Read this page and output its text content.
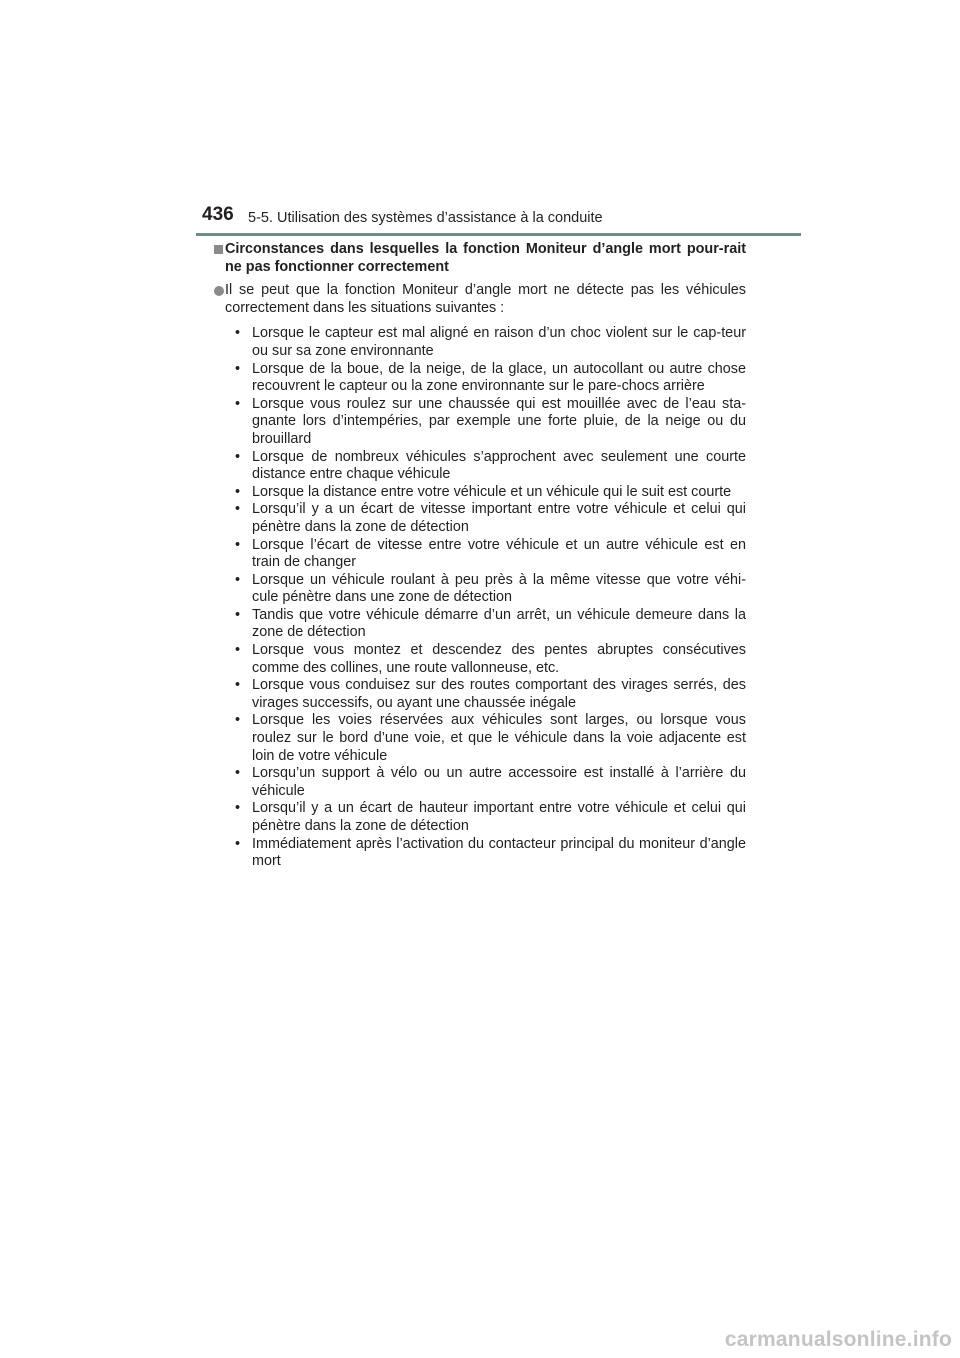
436 5-5. Utilisation des systèmes d’assistance à la conduite
Circonstances dans lesquelles la fonction Moniteur d’angle mort pour-rait ne pas fonctionner correctement
Il se peut que la fonction Moniteur d’angle mort ne détecte pas les véhicules correctement dans les situations suivantes :
• Lorsque le capteur est mal aligné en raison d’un choc violent sur le cap-teur ou sur sa zone environnante
• Lorsque de la boue, de la neige, de la glace, un autocollant ou autre chose recouvrent le capteur ou la zone environnante sur le pare-chocs arrière
• Lorsque vous roulez sur une chaussée qui est mouillée avec de l’eau sta-gnante lors d’intempéries, par exemple une forte pluie, de la neige ou du brouillard
• Lorsque de nombreux véhicules s’approchent avec seulement une courte distance entre chaque véhicule
• Lorsque la distance entre votre véhicule et un véhicule qui le suit est courte
• Lorsqu’il y a un écart de vitesse important entre votre véhicule et celui qui pénètre dans la zone de détection
• Lorsque l’écart de vitesse entre votre véhicule et un autre véhicule est en train de changer
• Lorsque un véhicule roulant à peu près à la même vitesse que votre véhi-cule pénètre dans une zone de détection
• Tandis que votre véhicule démarre d’un arrêt, un véhicule demeure dans la zone de détection
• Lorsque vous montez et descendez des pentes abruptes consécutives comme des collines, une route vallonneuse, etc.
• Lorsque vous conduisez sur des routes comportant des virages serrés, des virages successifs, ou ayant une chaussée inégale
• Lorsque les voies réservées aux véhicules sont larges, ou lorsque vous roulez sur le bord d’une voie, et que le véhicule dans la voie adjacente est loin de votre véhicule
• Lorsqu’un support à vélo ou un autre accessoire est installé à l’arrière du véhicule
• Lorsqu’il y a un écart de hauteur important entre votre véhicule et celui qui pénètre dans la zone de détection
• Immédiatement après l’activation du contacteur principal du moniteur d’angle mort
carmanualsonline.info
